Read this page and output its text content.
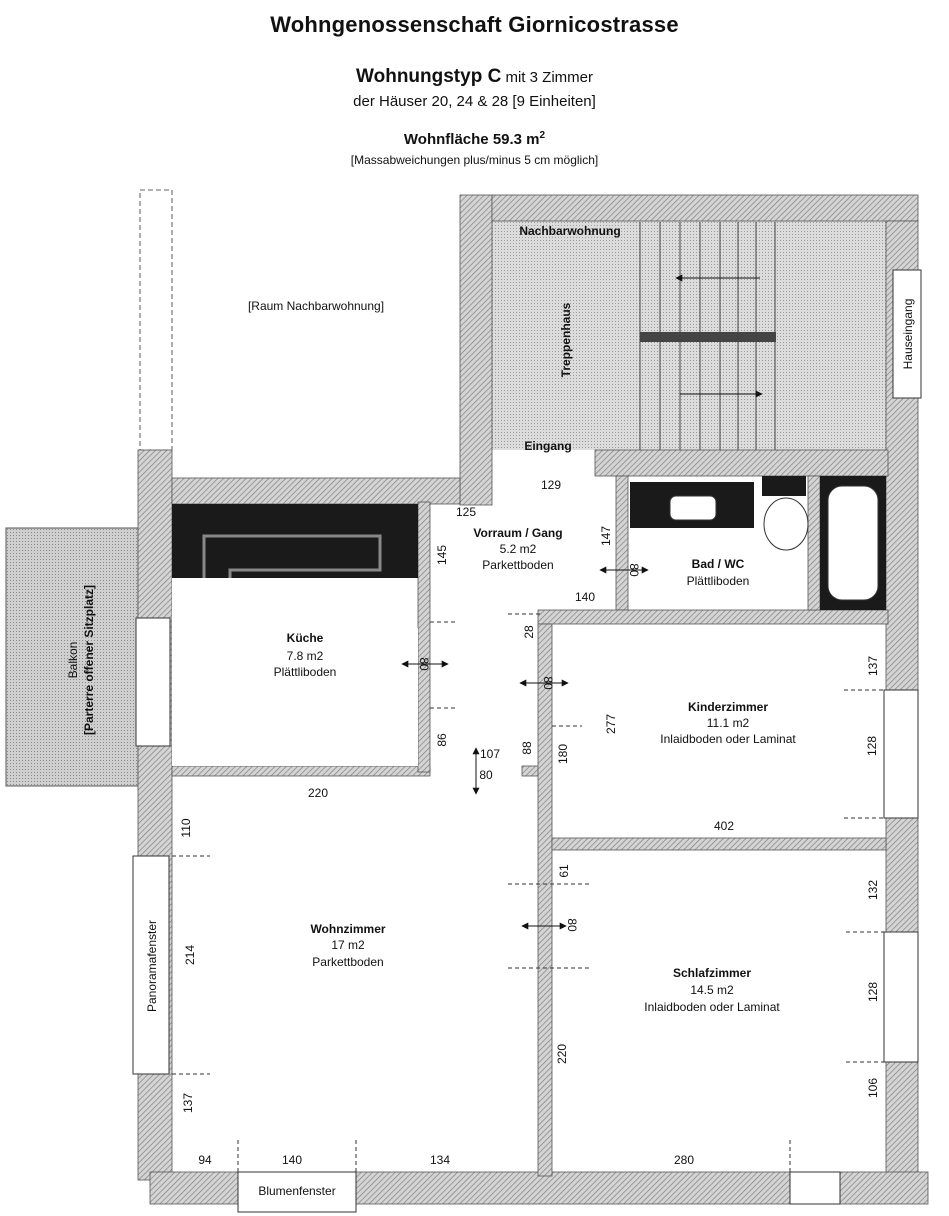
Wohngenossenschaft Giornicostrasse
Wohnungstyp C mit 3 Zimmer
der Häuser 20, 24 & 28 [9 Einheiten]
Wohnfläche 59.3 $m^2$
[Massabweichungen plus/minus 5 cm möglich]
Balkon [Parterre offener Sitzplatz]
Nachbarwohnung
Eingang
Treppenhaus
[Raum Nachbarwohnung]	Hauseingang
Küche
7.8 m2
Plättliboden
Vorraum / Gang
5.2 m2
Parkettboden	Bad / WC
Plättliboden
Kinderzimmer
11.1 m2
Inlaidboden oder Laminat
Wohnzimmer
17 m2
Parkettboden
Panoramafenster	Schlafzimmer
14.5 m2
Inlaidboden oder Laminat
Blumenfenster
129
125
147
145
80
140
28
80
80
137
277
86
107 88 180
80
128
220
402
110
61
132
80
214
128
220
137
106
94	140	134	280
